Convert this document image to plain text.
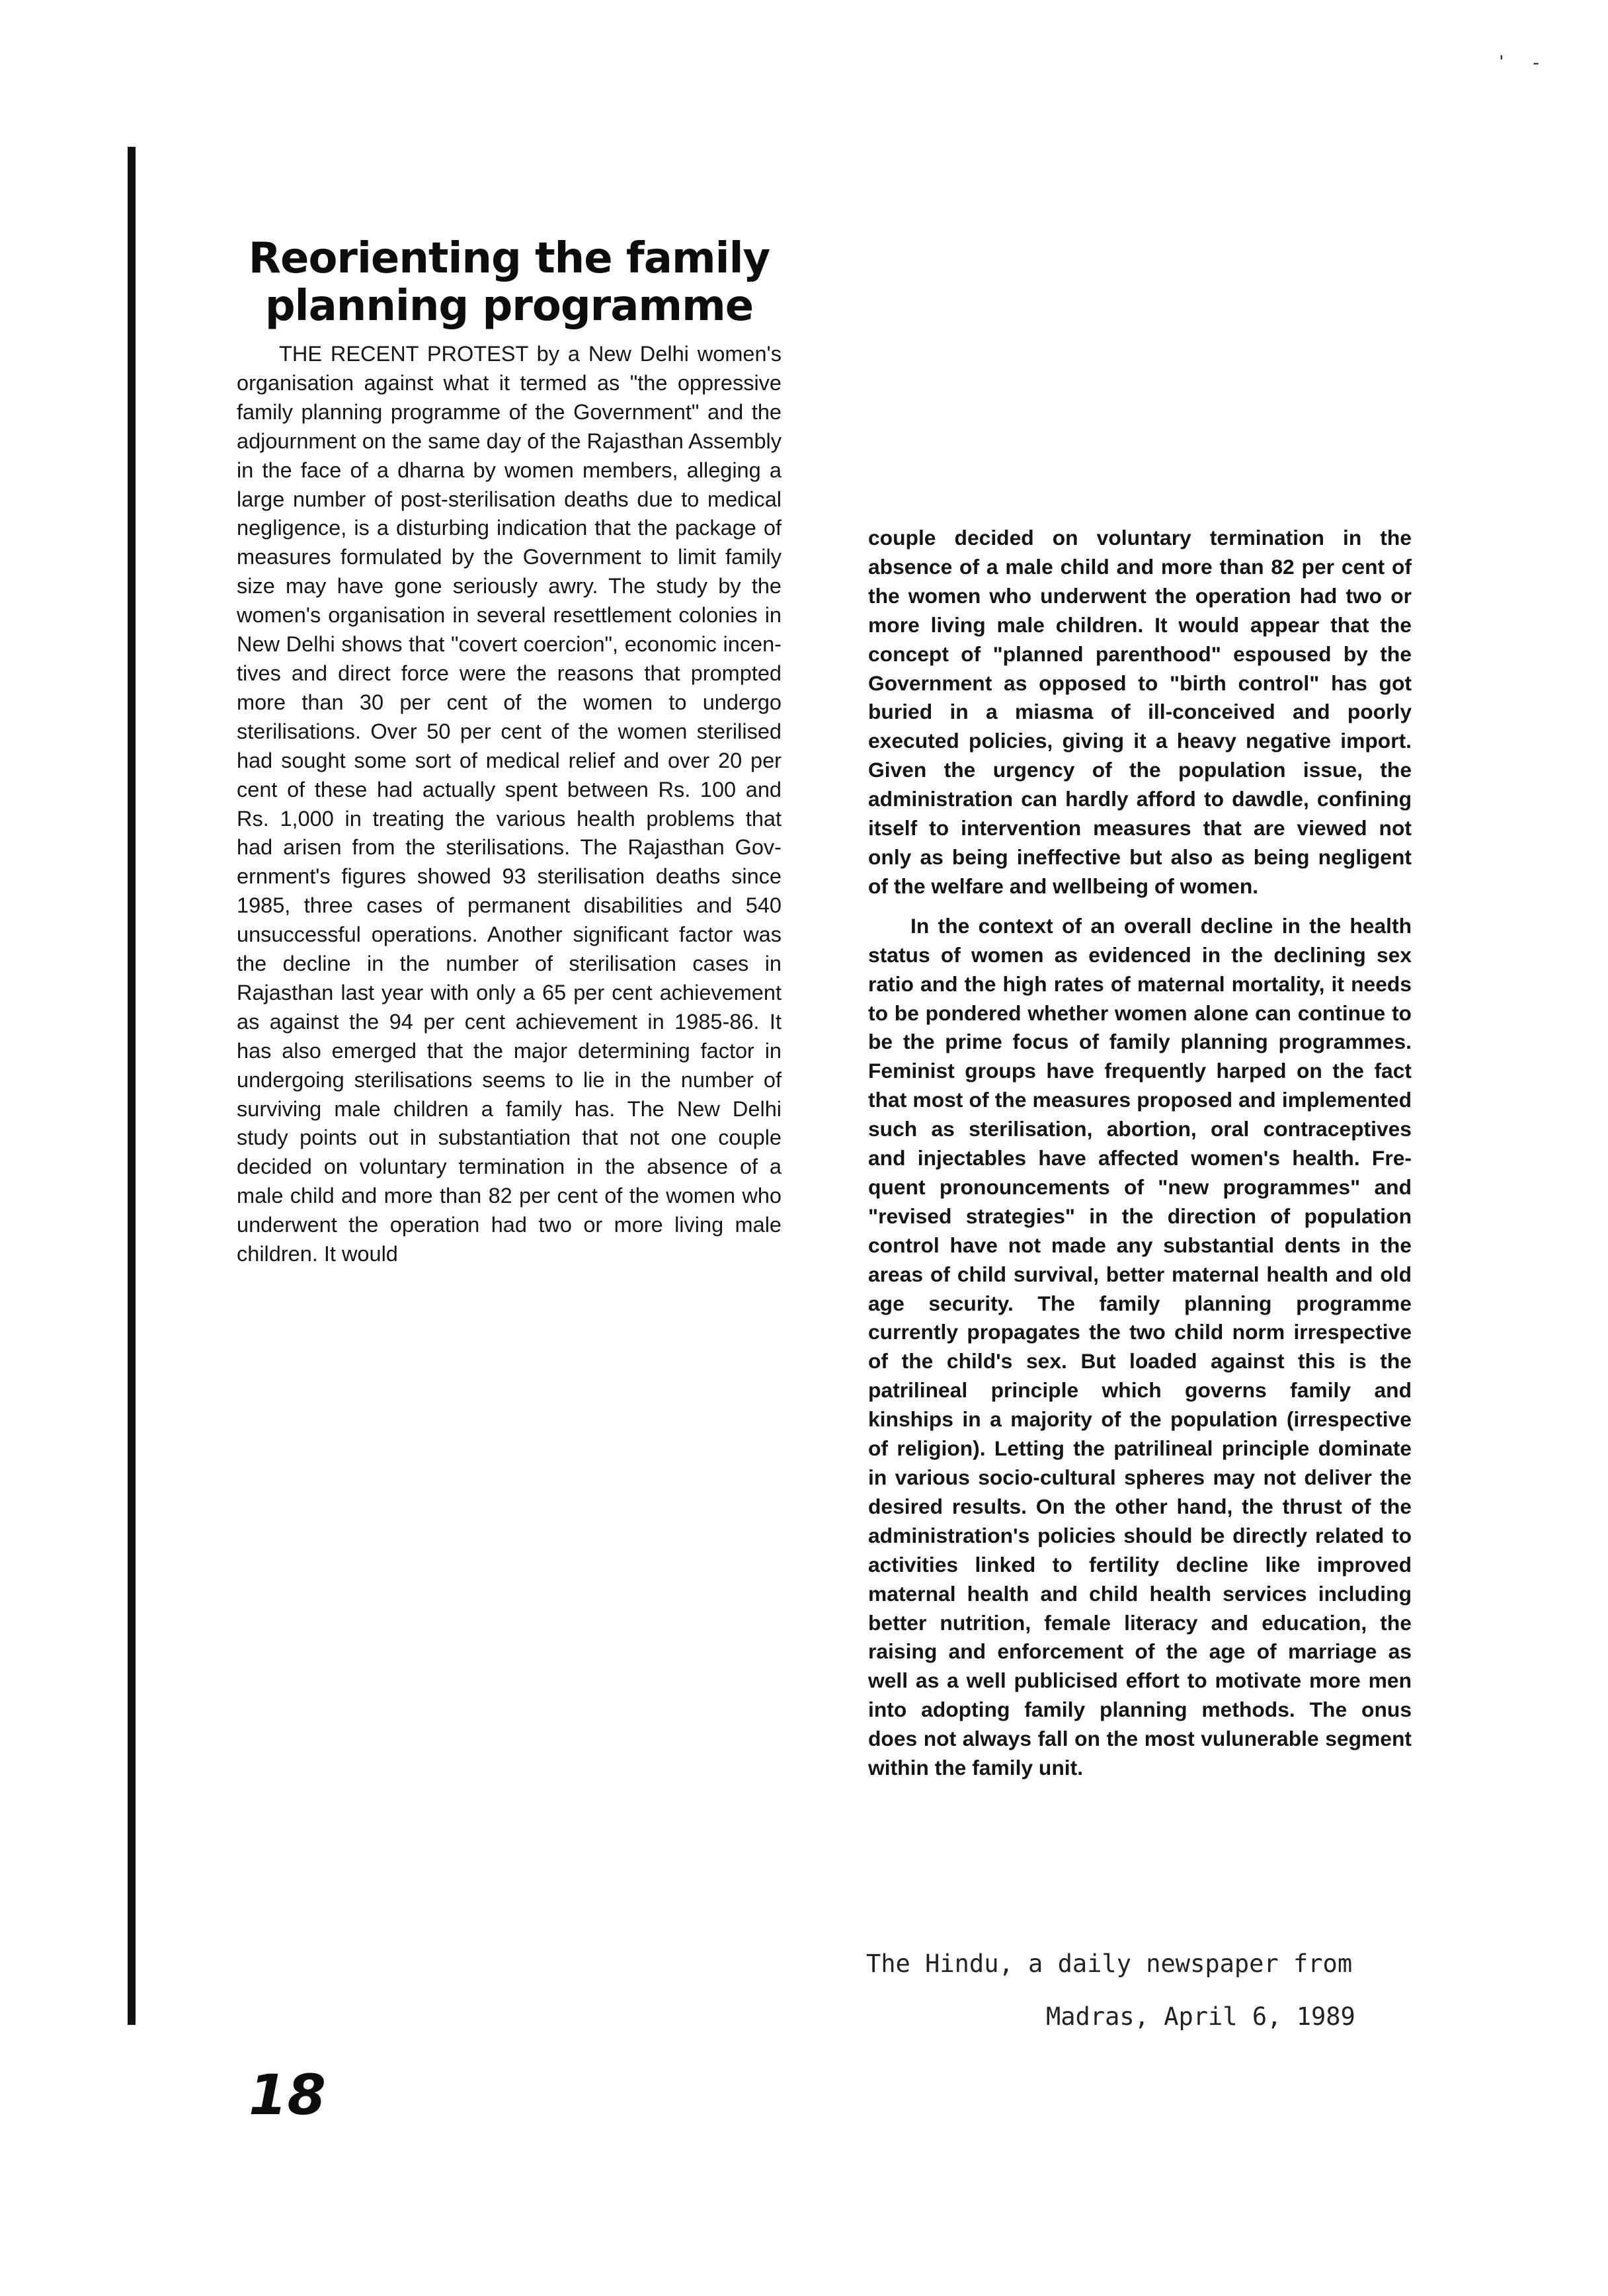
' -
Reorienting the family
planning programme

THE RECENT PROTEST by a New Delhi women's organisation against what it termed as "the oppressive family planning programme of the Government" and the adjournment on the same day of the Rajasthan Assembly in the face of a dharna by women members, alleging a large number of post-sterilisation deaths due to medical negligence, is a disturbing indication that the package of measures formulated by the Government to limit family size may have gone seriously awry. The study by the women's organisation in several resettlement colonies in New Delhi shows that "covert coercion", economic incentives and direct force were the reasons that prompted more than 30 per cent of the women to undergo sterilisations. Over 50 per cent of the women sterilised had sought some sort of medical relief and over 20 per cent of these had actually spent between Rs. 100 and Rs. 1,000 in treating the various health problems that had arisen from the sterilisations. The Rajasthan Government's figures showed 93 sterilisation deaths since 1985, three cases of permanent disabilities and 540 unsuccessful operations. Another significant factor was the decline in the number of sterilisation cases in Rajasthan last year with only a 65 per cent achievement as against the 94 per cent achievement in 1985-86. It has also emerged that the major determining factor in undergoing sterilisations seems to lie in the number of surviving male children a family has. The New Delhi study points out in substantiation that not one couple decided on voluntary termination in the absence of a male child and more than 82 per cent of the women who underwent the operation had two or more living male children. It would

couple decided on voluntary termination in the absence of a male child and more than 82 per cent of the women who underwent the operation had two or more living male children. It would appear that the concept of "planned parenthood" espoused by the Government as opposed to "birth control" has got buried in a miasma of ill-conceived and poorly executed policies, giving it a heavy negative import. Given the urgency of the population issue, the administration can hardly afford to dawdle, confining itself to intervention measures that are viewed not only as being ineffective but also as being negligent of the welfare and wellbeing of women.

In the context of an overall decline in the health status of women as evidenced in the declining sex ratio and the high rates of maternal mortality, it needs to be pondered whether women alone can continue to be the prime focus of family planning programmes. Feminist groups have frequently harped on the fact that most of the measures proposed and implemented such as sterilisation, abortion, oral contraceptives and injectables have affected women's health. Frequent pronouncements of "new programmes" and "revised strategies" in the direction of population control have not made any substantial dents in the areas of child survival, better maternal health and old age security. The family planning programme currently propagates the two child norm irrespective of the child's sex. But loaded against this is the patrilineal principle which governs family and kinships in a majority of the population (irrespective of religion). Letting the patrilineal principle dominate in various socio-cultural spheres may not deliver the desired results. On the other hand, the thrust of the administration's policies should be directly related to activities linked to fertility decline like improved maternal health and child health services including better nutrition, female literacy and education, the raising and enforcement of the age of marriage as well as a well publicised effort to motivate more men into adopting family planning methods. The onus does not always fall on the most vulunerable segment within the family unit.

The Hindu, a daily newspaper from
Madras, April 6, 1989

18
